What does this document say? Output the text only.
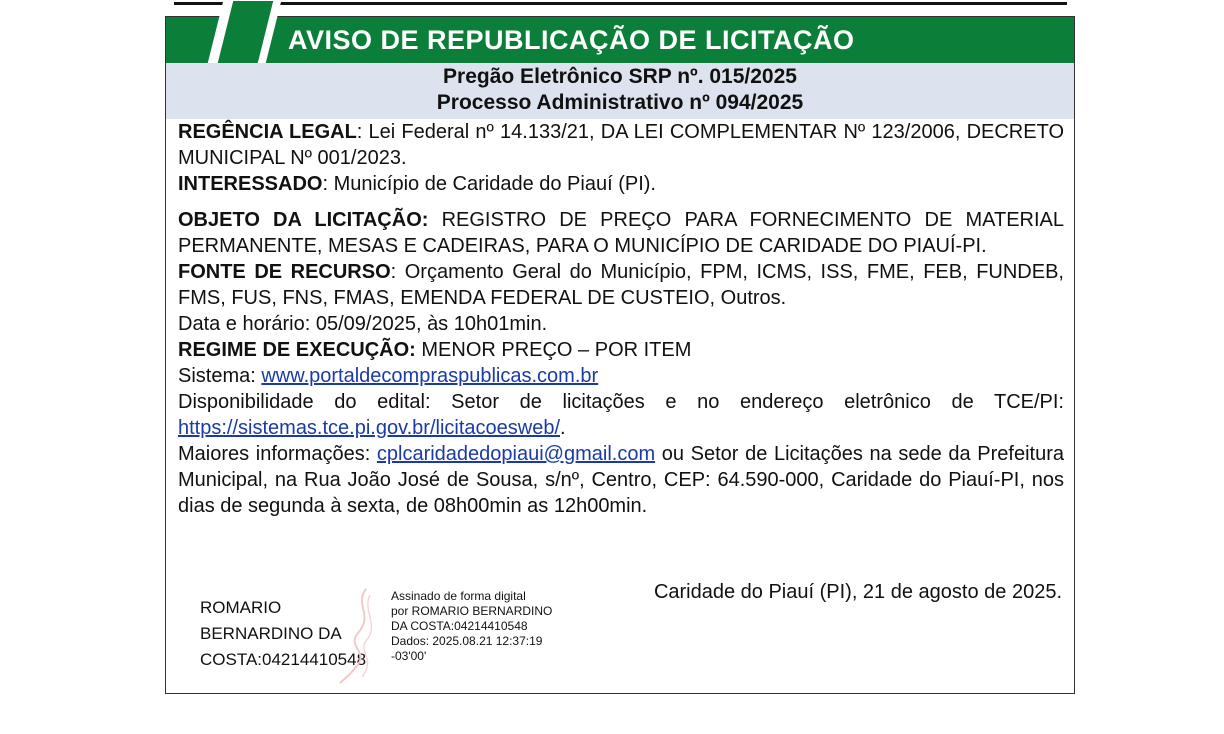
AVISO DE REPUBLICAÇÃO DE LICITAÇÃO
Pregão Eletrônico SRP nº. 015/2025
Processo Administrativo nº 094/2025

REGÊNCIA LEGAL: Lei Federal nº 14.133/21, DA LEI COMPLEMENTAR Nº 123/2006, DECRETO MUNICIPAL Nº 001/2023.

INTERESSADO: Município de Caridade do Piauí (PI).

OBJETO DA LICITAÇÃO: REGISTRO DE PREÇO PARA FORNECIMENTO DE MATERIAL PERMANENTE, MESAS E CADEIRAS, PARA O MUNICÍPIO DE CARIDADE DO PIAUÍ-PI.

FONTE DE RECURSO: Orçamento Geral do Município, FPM, ICMS, ISS, FME, FEB, FUNDEB, FMS, FUS, FNS, FMAS, EMENDA FEDERAL DE CUSTEIO, Outros.

Data e horário: 05/09/2025, às 10h01min.

REGIME DE EXECUÇÃO: MENOR PREÇO – POR ITEM

Sistema: www.portaldecompraspublicas.com.br

Disponibilidade do edital: Setor de licitações e no endereço eletrônico de TCE/PI: https://sistemas.tce.pi.gov.br/licitacoesweb/.

Maiores informações: cplcaridadedopiaui@gmail.com ou Setor de Licitações na sede da Prefeitura Municipal, na Rua João José de Sousa, s/nº, Centro, CEP: 64.590-000, Caridade do Piauí-PI, nos dias de segunda à sexta, de 08h00min as 12h00min.

Caridade do Piauí (PI), 21 de agosto de 2025.
ROMARIO
BERNARDINO DA
COSTA:04214410548
Assinado de forma digital
por ROMARIO BERNARDINO
DA COSTA:04214410548
Dados: 2025.08.21 12:37:19
-03'00'
